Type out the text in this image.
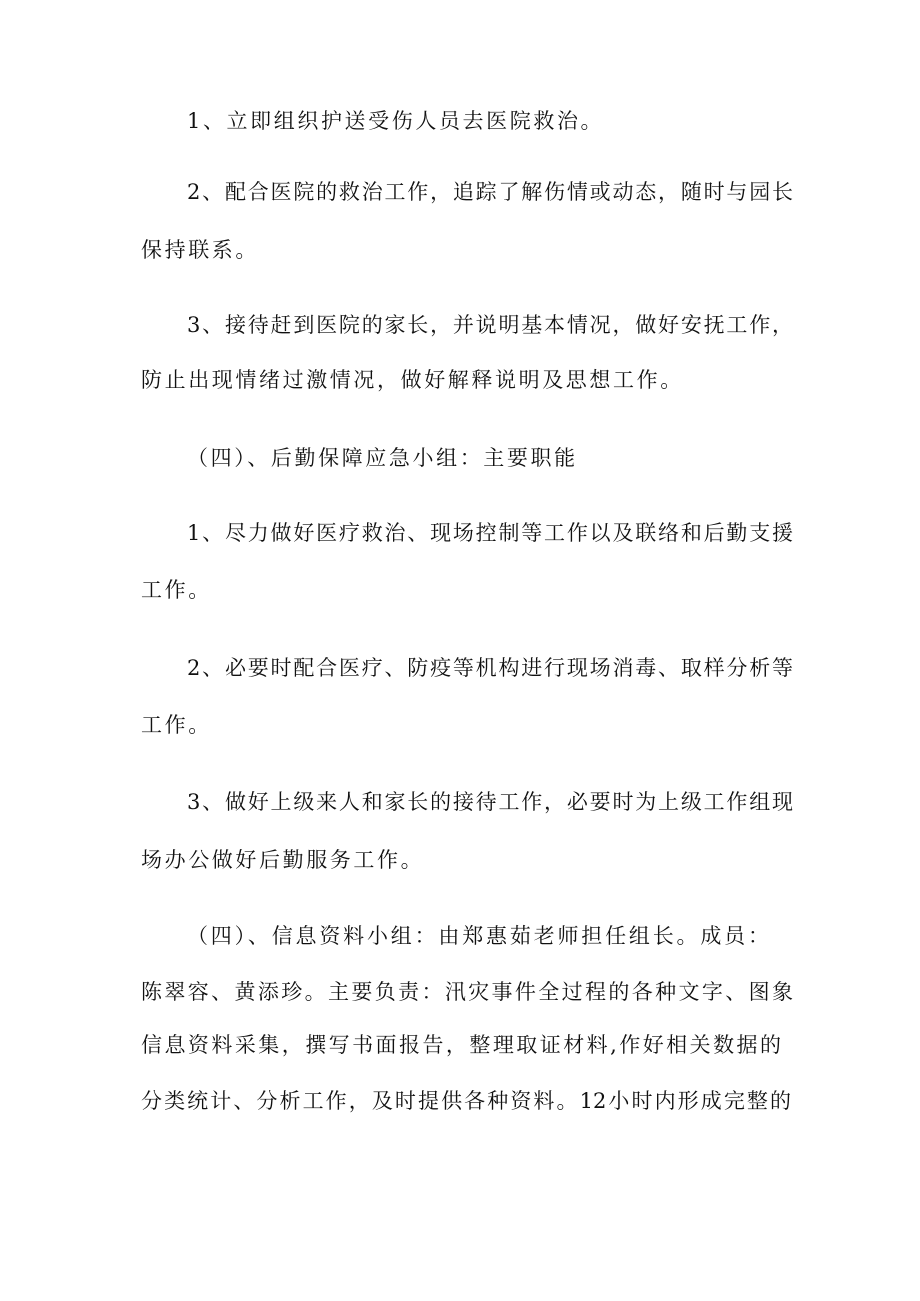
1、立即组织护送受伤人员去医院救治。
2、配合医院的救治工作，追踪了解伤情或动态，随时与园长
保持联系。
3、接待赶到医院的家长，并说明基本情况，做好安抚工作，
防止出现情绪过激情况，做好解释说明及思想工作。
（四）、后勤保障应急小组：主要职能
1、尽力做好医疗救治、现场控制等工作以及联络和后勤支援
工作。
2、必要时配合医疗、防疫等机构进行现场消毒、取样分析等
工作。
3、做好上级来人和家长的接待工作，必要时为上级工作组现
场办公做好后勤服务工作。
（四）、信息资料小组：由郑惠茹老师担任组长。成员：
陈翠容、黄添珍。主要负责：汛灾事件全过程的各种文字、图象
信息资料采集，撰写书面报告，整理取证材料,作好相关数据的
分类统计、分析工作，及时提供各种资料。12小时内形成完整的
